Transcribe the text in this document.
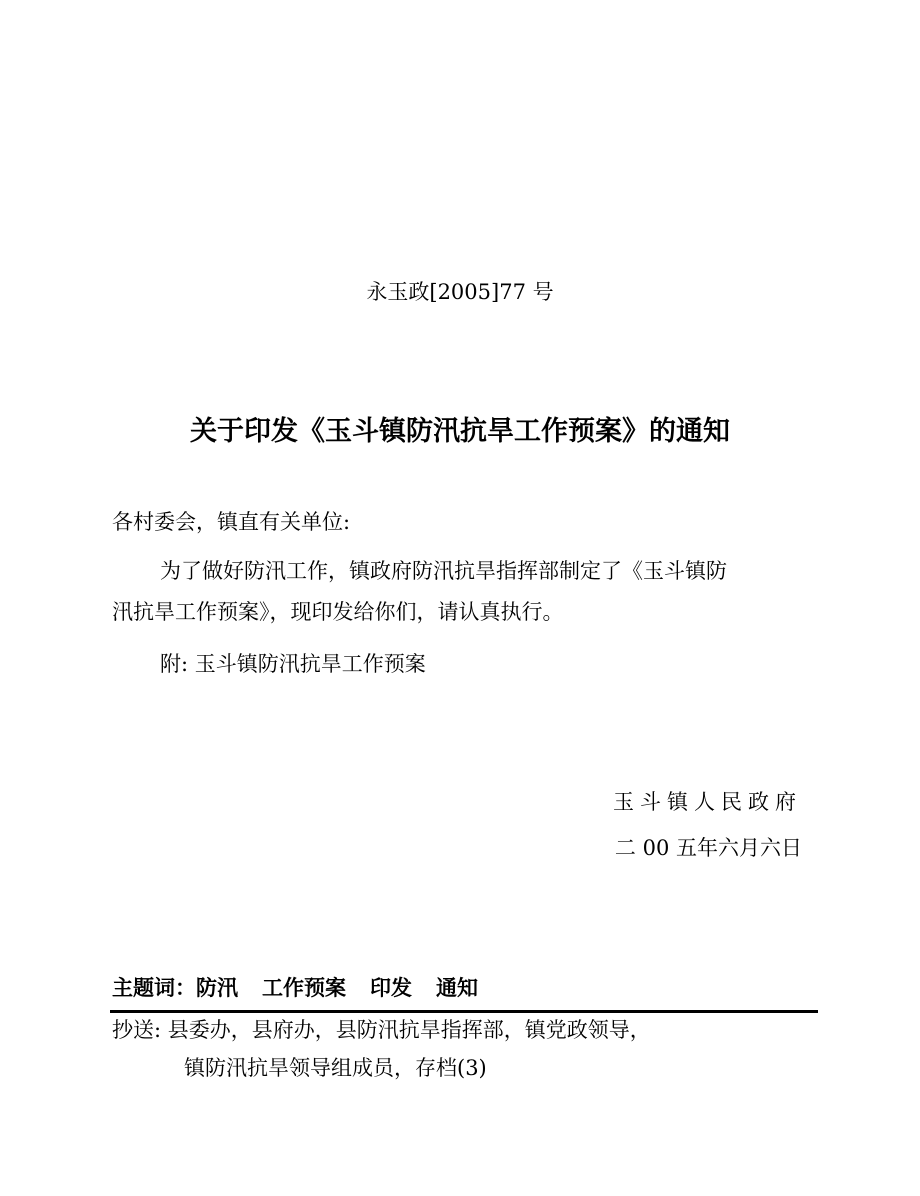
永玉政[2005]77 号
关于印发《玉斗镇防汛抗旱工作预案》的通知
各村委会，镇直有关单位:
为了做好防汛工作，镇政府防汛抗旱指挥部制定了《玉斗镇防
汛抗旱工作预案》，现印发给你们，请认真执行。
附: 玉斗镇防汛抗旱工作预案
玉斗镇人民政府
二 00 五年六月六日
主题词：防汛 工作预案 印发 通知
抄送: 县委办，县府办，县防汛抗旱指挥部，镇党政领导，
镇防汛抗旱领导组成员，存档(3)
